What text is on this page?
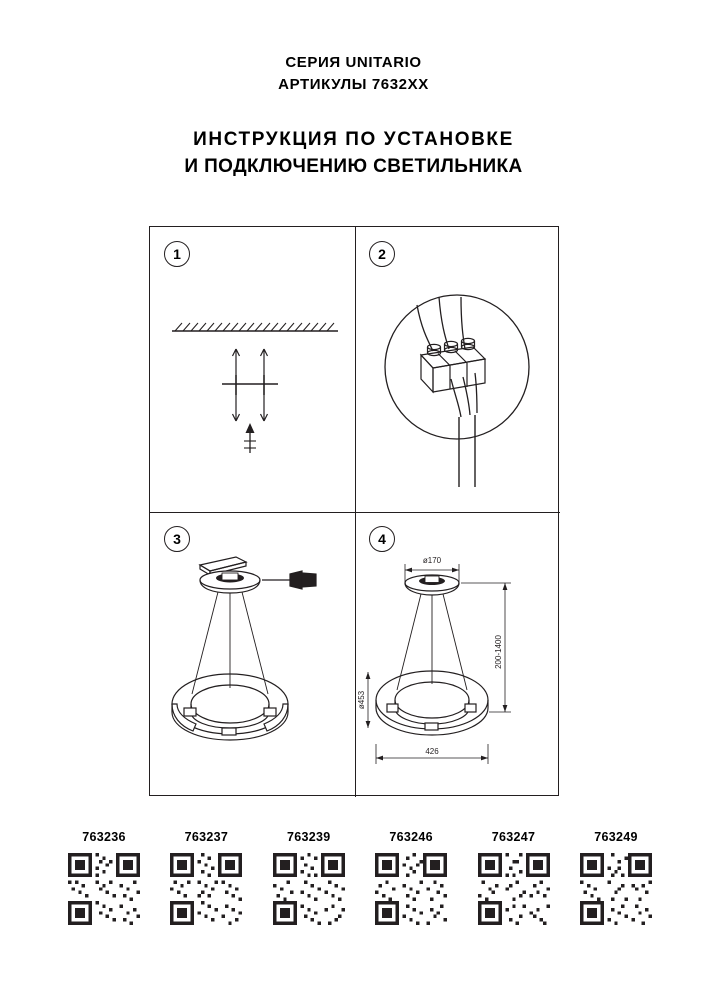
СЕРИЯ UNITARIO
АРТИКУЛЫ 7632XX
ИНСТРУКЦИЯ ПО УСТАНОВКЕ
И ПОДКЛЮЧЕНИЮ СВЕТИЛЬНИКА
1	2
3	4
ø170
200-1400
ø453
426
763236	763237	763239	763246	763247	763249
